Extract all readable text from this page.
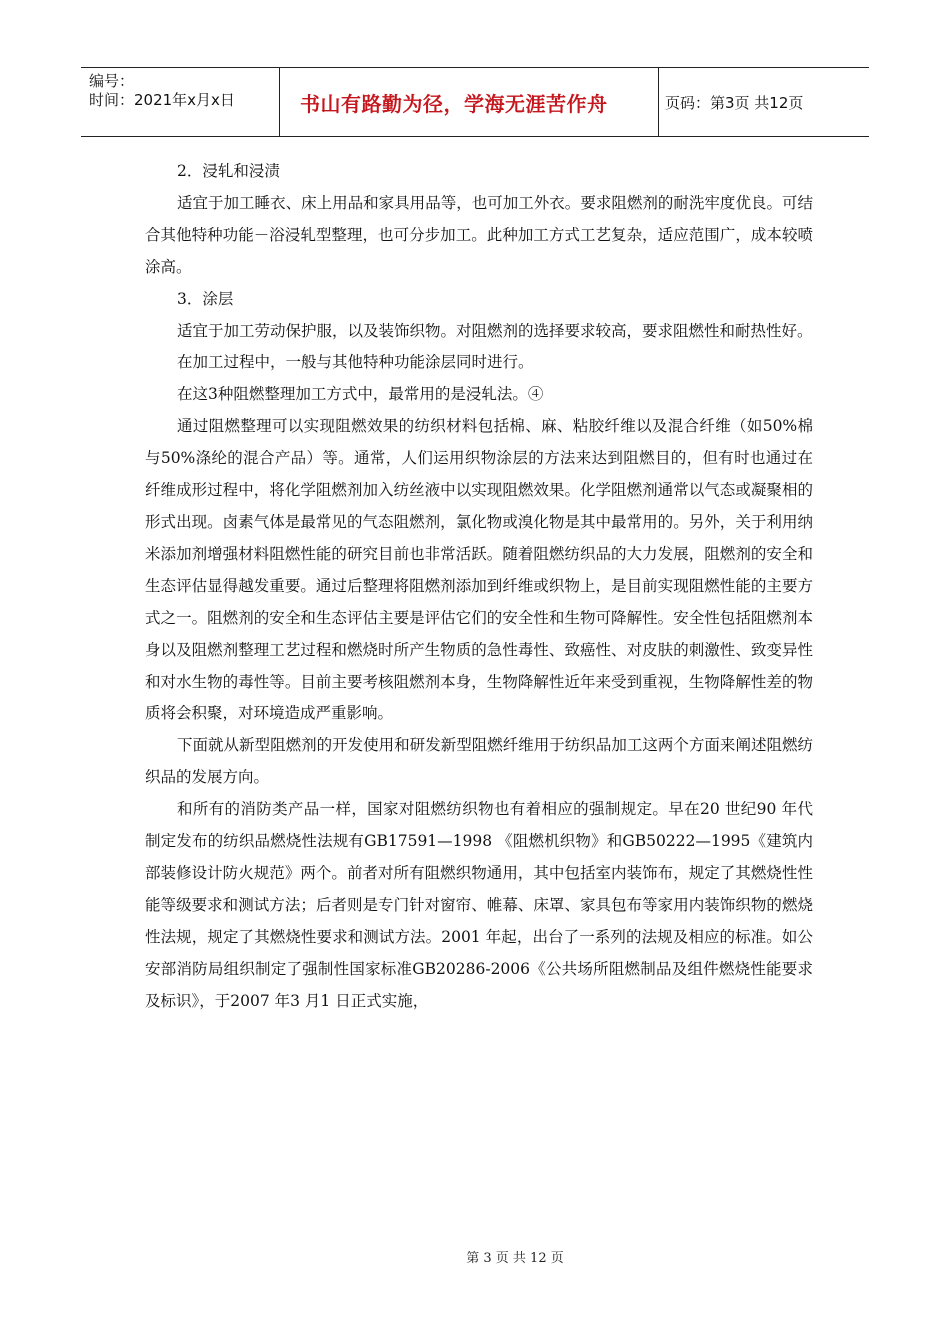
编号：
时间：2021年x月x日	书山有路勤为径，学海无涯苦作舟	页码：第3页 共12页

2．浸轧和浸渍

适宜于加工睡衣、床上用品和家具用品等，也可加工外衣。要求阻燃剂的耐洗牢度优良。可结合其他特种功能－浴浸轧型整理，也可分步加工。此种加工方式工艺复杂，适应范围广，成本较喷涂高。

3．涂层

适宜于加工劳动保护服，以及装饰织物。对阻燃剂的选择要求较高，要求阻燃性和耐热性好。

在加工过程中，一般与其他特种功能涂层同时进行。

在这3种阻燃整理加工方式中，最常用的是浸轧法。④

通过阻燃整理可以实现阻燃效果的纺织材料包括棉、麻、粘胶纤维以及混合纤维（如50%棉与50%涤纶的混合产品）等。通常，人们运用织物涂层的方法来达到阻燃目的，但有时也通过在纤维成形过程中，将化学阻燃剂加入纺丝液中以实现阻燃效果。化学阻燃剂通常以气态或凝聚相的形式出现。卤素气体是最常见的气态阻燃剂，氯化物或溴化物是其中最常用的。另外，关于利用纳米添加剂增强材料阻燃性能的研究目前也非常活跃。随着阻燃纺织品的大力发展，阻燃剂的安全和生态评估显得越发重要。通过后整理将阻燃剂添加到纤维或织物上，是目前实现阻燃性能的主要方式之一。阻燃剂的安全和生态评估主要是评估它们的安全性和生物可降解性。安全性包括阻燃剂本身以及阻燃剂整理工艺过程和燃烧时所产生物质的急性毒性、致癌性、对皮肤的刺激性、致变异性和对水生物的毒性等。目前主要考核阻燃剂本身，生物降解性近年来受到重视，生物降解性差的物质将会积聚，对环境造成严重影响。

下面就从新型阻燃剂的开发使用和研发新型阻燃纤维用于纺织品加工这两个方面来阐述阻燃纺织品的发展方向。

和所有的消防类产品一样，国家对阻燃纺织物也有着相应的强制规定。早在20 世纪90 年代制定发布的纺织品燃烧性法规有GB17591—1998 《阻燃机织物》和GB50222—1995《建筑内部装修设计防火规范》两个。前者对所有阻燃织物通用，其中包括室内装饰布，规定了其燃烧性性能等级要求和测试方法；后者则是专门针对窗帘、帷幕、床罩、家具包布等家用内装饰织物的燃烧性法规，规定了其燃烧性要求和测试方法。2001 年起，出台了一系列的法规及相应的标准。如公安部消防局组织制定了强制性国家标准GB20286-2006《公共场所阻燃制品及组件燃烧性能要求及标识》，于2007 年3 月1 日正式实施，

第 3 页 共 12 页
